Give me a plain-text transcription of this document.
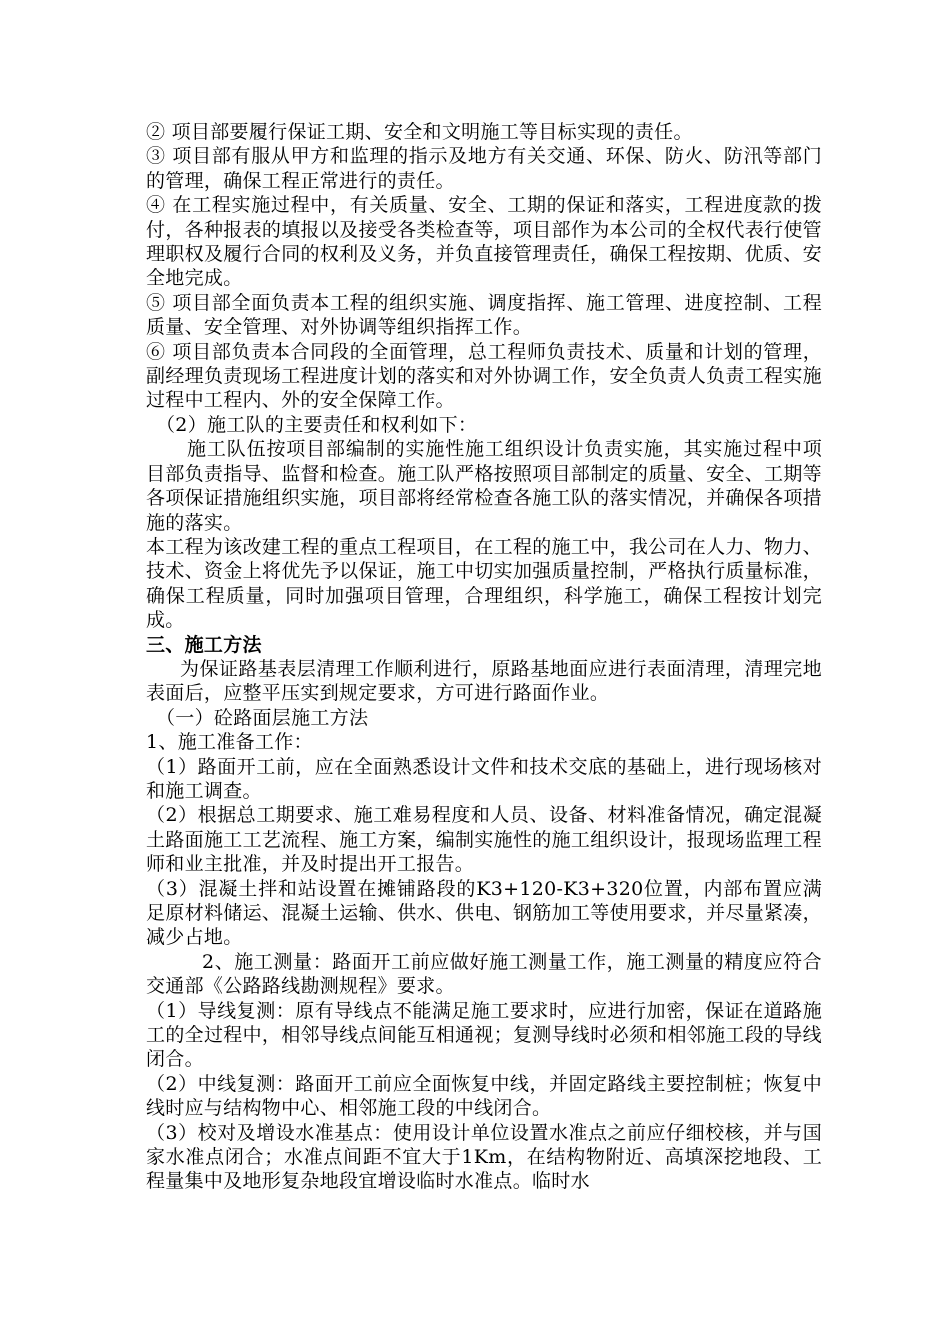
② 项目部要履行保证工期、安全和文明施工等目标实现的责任。

③ 项目部有服从甲方和监理的指示及地方有关交通、环保、防火、防汛等部门的管理，确保工程正常进行的责任。

④ 在工程实施过程中，有关质量、安全、工期的保证和落实，工程进度款的拨付，各种报表的填报以及接受各类检查等，项目部作为本公司的全权代表行使管理职权及履行合同的权利及义务，并负直接管理责任，确保工程按期、优质、安全地完成。

⑤ 项目部全面负责本工程的组织实施、调度指挥、施工管理、进度控制、工程质量、安全管理、对外协调等组织指挥工作。

⑥ 项目部负责本合同段的全面管理，总工程师负责技术、质量和计划的管理，副经理负责现场工程进度计划的落实和对外协调工作，安全负责人负责工程实施过程中工程内、外的安全保障工作。

（2）施工队的主要责任和权利如下：

施工队伍按项目部编制的实施性施工组织设计负责实施，其实施过程中项目部负责指导、监督和检查。施工队严格按照项目部制定的质量、安全、工期等各项保证措施组织实施，项目部将经常检查各施工队的落实情况，并确保各项措施的落实。

本工程为该改建工程的重点工程项目，在工程的施工中，我公司在人力、物力、技术、资金上将优先予以保证，施工中切实加强质量控制，严格执行质量标准，确保工程质量，同时加强项目管理，合理组织，科学施工，确保工程按计划完成。

三、施工方法

为保证路基表层清理工作顺利进行，原路基地面应进行表面清理，清理完地表面后，应整平压实到规定要求，方可进行路面作业。

（一）砼路面层施工方法

1、施工准备工作：

（1）路面开工前，应在全面熟悉设计文件和技术交底的基础上，进行现场核对和施工调查。

（2）根据总工期要求、施工难易程度和人员、设备、材料准备情况，确定混凝土路面施工工艺流程、施工方案，编制实施性的施工组织设计，报现场监理工程师和业主批准，并及时提出开工报告。

（3）混凝土拌和站设置在摊铺路段的K3+120-K3+320位置，内部布置应满足原材料储运、混凝土运输、供水、供电、钢筋加工等使用要求，并尽量紧凑，减少占地。

2、施工测量：路面开工前应做好施工测量工作，施工测量的精度应符合交通部《公路路线勘测规程》要求。

（1）导线复测：原有导线点不能满足施工要求时，应进行加密，保证在道路施工的全过程中，相邻导线点间能互相通视；复测导线时必须和相邻施工段的导线闭合。

（2）中线复测：路面开工前应全面恢复中线，并固定路线主要控制桩；恢复中线时应与结构物中心、相邻施工段的中线闭合。

（3）校对及增设水准基点：使用设计单位设置水准点之前应仔细校核，并与国家水准点闭合；水准点间距不宜大于1Km，在结构物附近、高填深挖地段、工程量集中及地形复杂地段宜增设临时水准点。临时水
